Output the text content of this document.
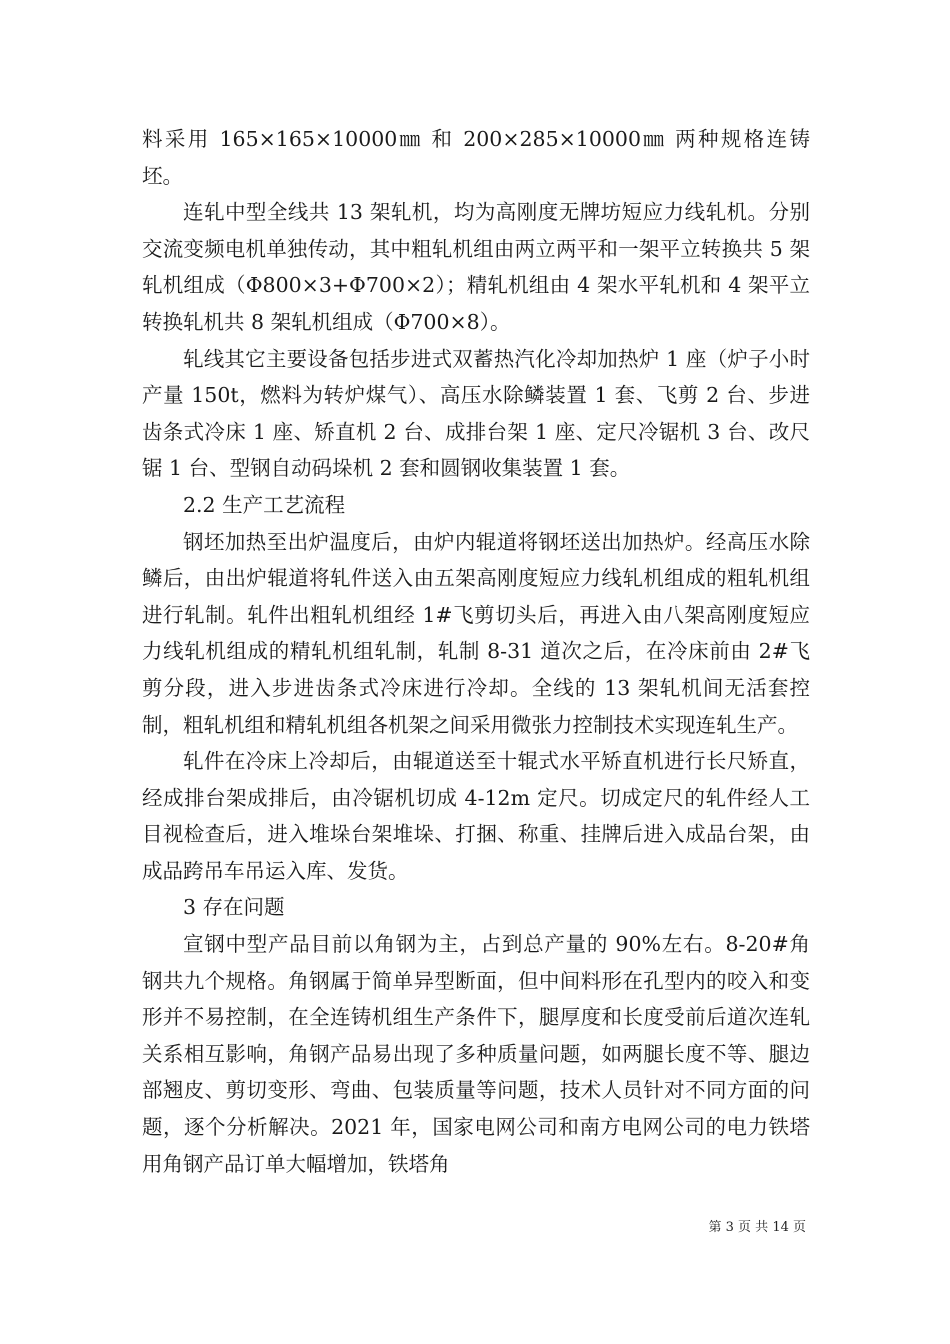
料采用 165×165×10000㎜ 和 200×285×10000㎜ 两种规格连铸坯。

连轧中型全线共 13 架轧机，均为高刚度无牌坊短应力线轧机。分别交流变频电机单独传动，其中粗轧机组由两立两平和一架平立转换共 5 架轧机组成（Φ800×3+Φ700×2）；精轧机组由 4 架水平轧机和 4 架平立转换轧机共 8 架轧机组成（Φ700×8）。

轧线其它主要设备包括步进式双蓄热汽化冷却加热炉 1 座（炉子小时产量 150t，燃料为转炉煤气）、高压水除鳞装置 1 套、飞剪 2 台、步进齿条式冷床 1 座、矫直机 2 台、成排台架 1 座、定尺冷锯机 3 台、改尺锯 1 台、型钢自动码垛机 2 套和圆钢收集装置 1 套。

2.2 生产工艺流程

钢坯加热至出炉温度后，由炉内辊道将钢坯送出加热炉。经高压水除鳞后，由出炉辊道将轧件送入由五架高刚度短应力线轧机组成的粗轧机组进行轧制。轧件出粗轧机组经 1#飞剪切头后，再进入由八架高刚度短应力线轧机组成的精轧机组轧制，轧制 8-31 道次之后，在冷床前由 2#飞剪分段，进入步进齿条式冷床进行冷却。全线的 13 架轧机间无活套控制，粗轧机组和精轧机组各机架之间采用微张力控制技术实现连轧生产。

轧件在冷床上冷却后，由辊道送至十辊式水平矫直机进行长尺矫直，经成排台架成排后，由冷锯机切成 4-12m 定尺。切成定尺的轧件经人工目视检查后，进入堆垛台架堆垛、打捆、称重、挂牌后进入成品台架，由成品跨吊车吊运入库、发货。

3 存在问题

宣钢中型产品目前以角钢为主，占到总产量的 90%左右。8-20#角钢共九个规格。角钢属于简单异型断面，但中间料形在孔型内的咬入和变形并不易控制，在全连铸机组生产条件下，腿厚度和长度受前后道次连轧关系相互影响，角钢产品易出现了多种质量问题，如两腿长度不等、腿边部翘皮、剪切变形、弯曲、包装质量等问题，技术人员针对不同方面的问题，逐个分析解决。2021 年，国家电网公司和南方电网公司的电力铁塔用角钢产品订单大幅增加，铁塔角

第 3 页 共 14 页
